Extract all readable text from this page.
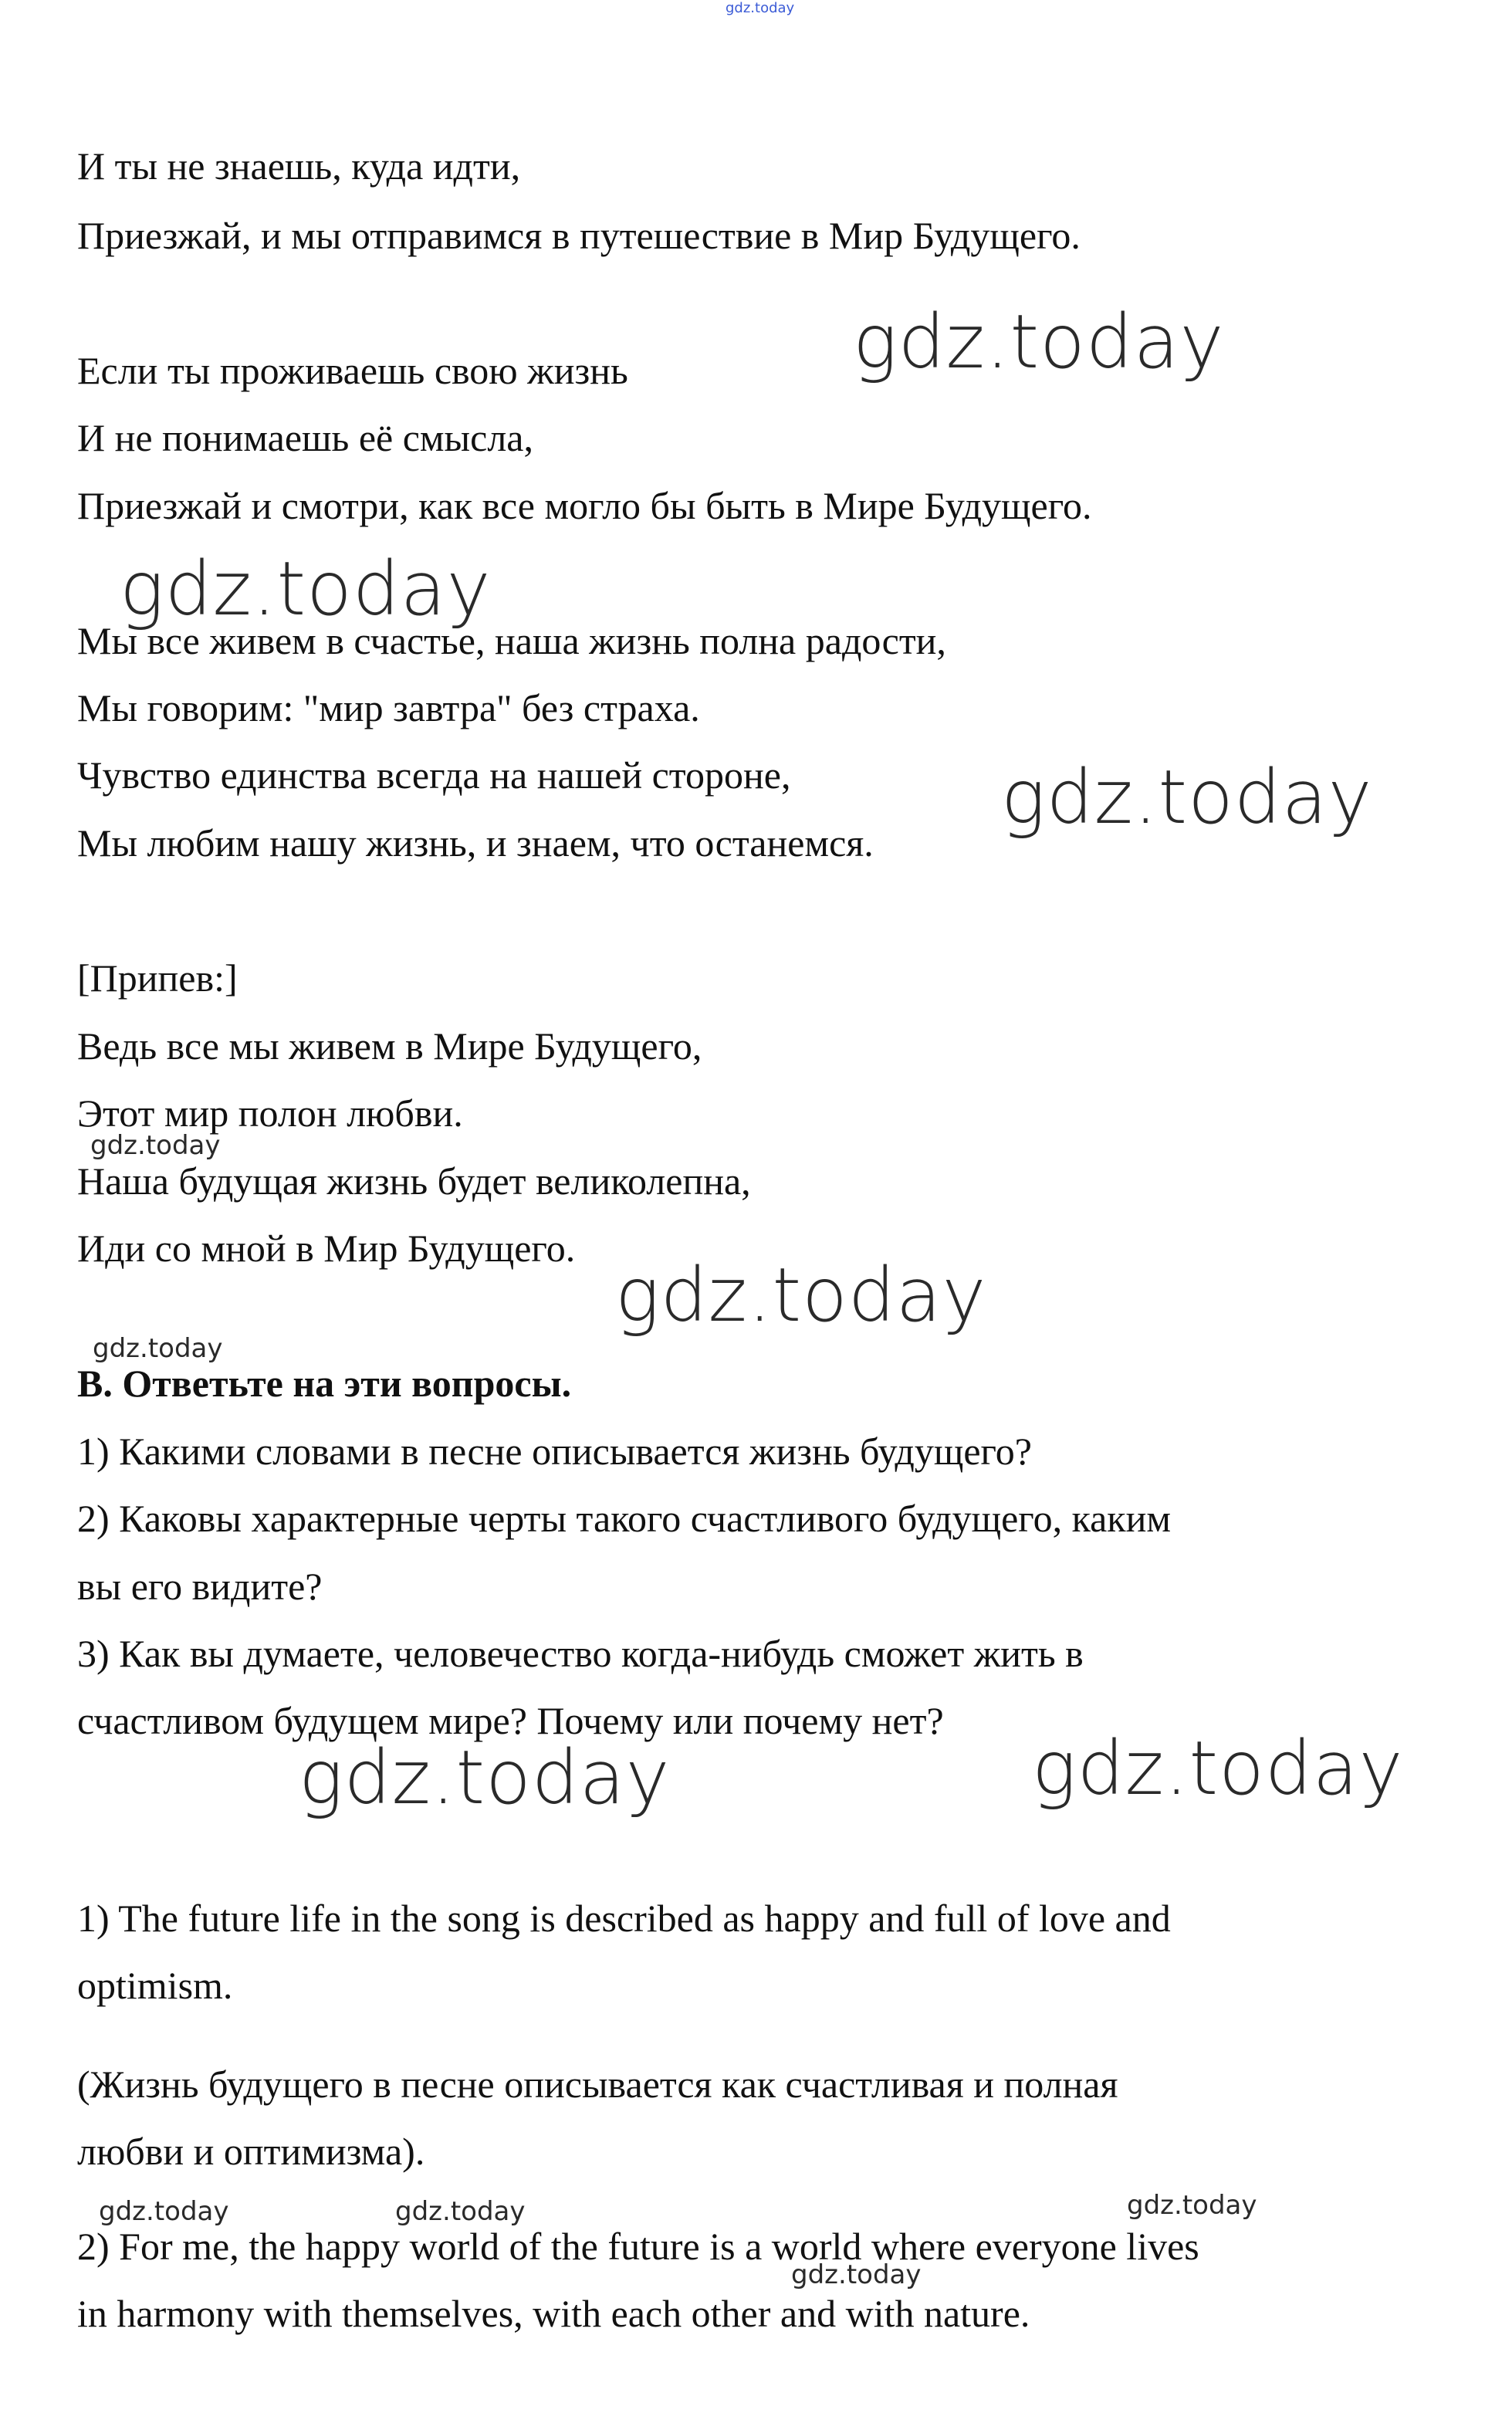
gdz.today
И ты не знаешь, куда идти,
Приезжай, и мы отправимся в путешествие в Мир Будущего.
Если ты проживаешь свою жизнь
И не понимаешь её смысла,
Приезжай и смотри, как все могло бы быть в Мире Будущего.
Мы все живем в счастье, наша жизнь полна радости,
Мы говорим: "мир завтра" без страха.
Чувство единства всегда на нашей стороне,
Мы любим нашу жизнь, и знаем, что останемся.
[Припев:]
Ведь все мы живем в Мире Будущего,
Этот мир полон любви.
Наша будущая жизнь будет великолепна,
Иди со мной в Мир Будущего.
B. Ответьте на эти вопросы.
1) Какими словами в песне описывается жизнь будущего?
2) Каковы характерные черты такого счастливого будущего, каким
вы его видите?
3) Как вы думаете, человечество когда-нибудь сможет жить в
счастливом будущем мире? Почему или почему нет?
1) The future life in the song is described as happy and full of love and
optimism.
(Жизнь будущего в песне описывается как счастливая и полная
любви и оптимизма).
2) For me, the happy world of the future is a world where everyone lives
in harmony with themselves, with each other and with nature.
gdz.today
gdz.today
gdz.today
gdz.today
gdz.today	gdz.today
gdz.today
gdz.today
gdz.today	gdz.today	gdz.today
gdz.today
